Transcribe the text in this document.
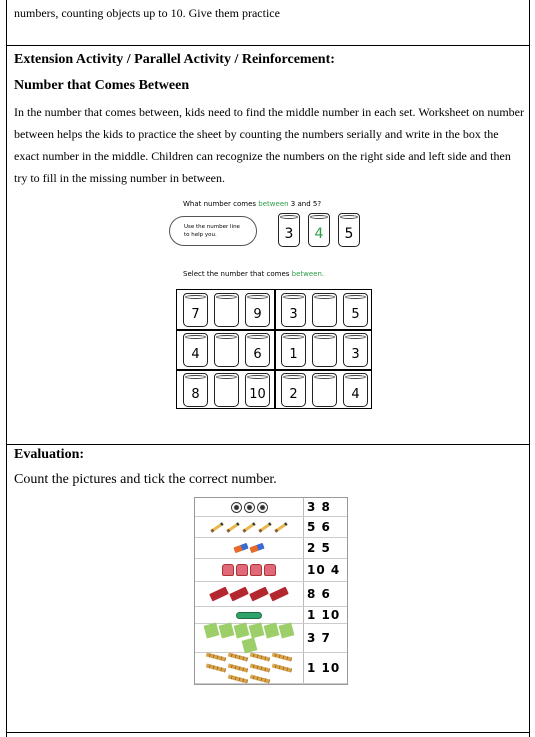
numbers, counting objects up to 10. Give them practice
Extension Activity / Parallel Activity / Reinforcement:
Number that Comes Between
In the number that comes between, kids need to find the middle number in each set. Worksheet on number between helps the kids to practice the sheet by counting the numbers serially and write in the box the exact number in the middle. Children can recognize the numbers on the right side and left side and then try to fill in the missing number in between.
What number comes between 3 and 5?
Use the number line
to help you.	3	4	5
Select the number that comes between.
7	9	3	5
4	6	1	3
8	10	2	4
Evaluation:
Count the pictures and tick the correct number.
3 8
5 6
2 5
10 4
8 6
1 10
3 7
1 10
